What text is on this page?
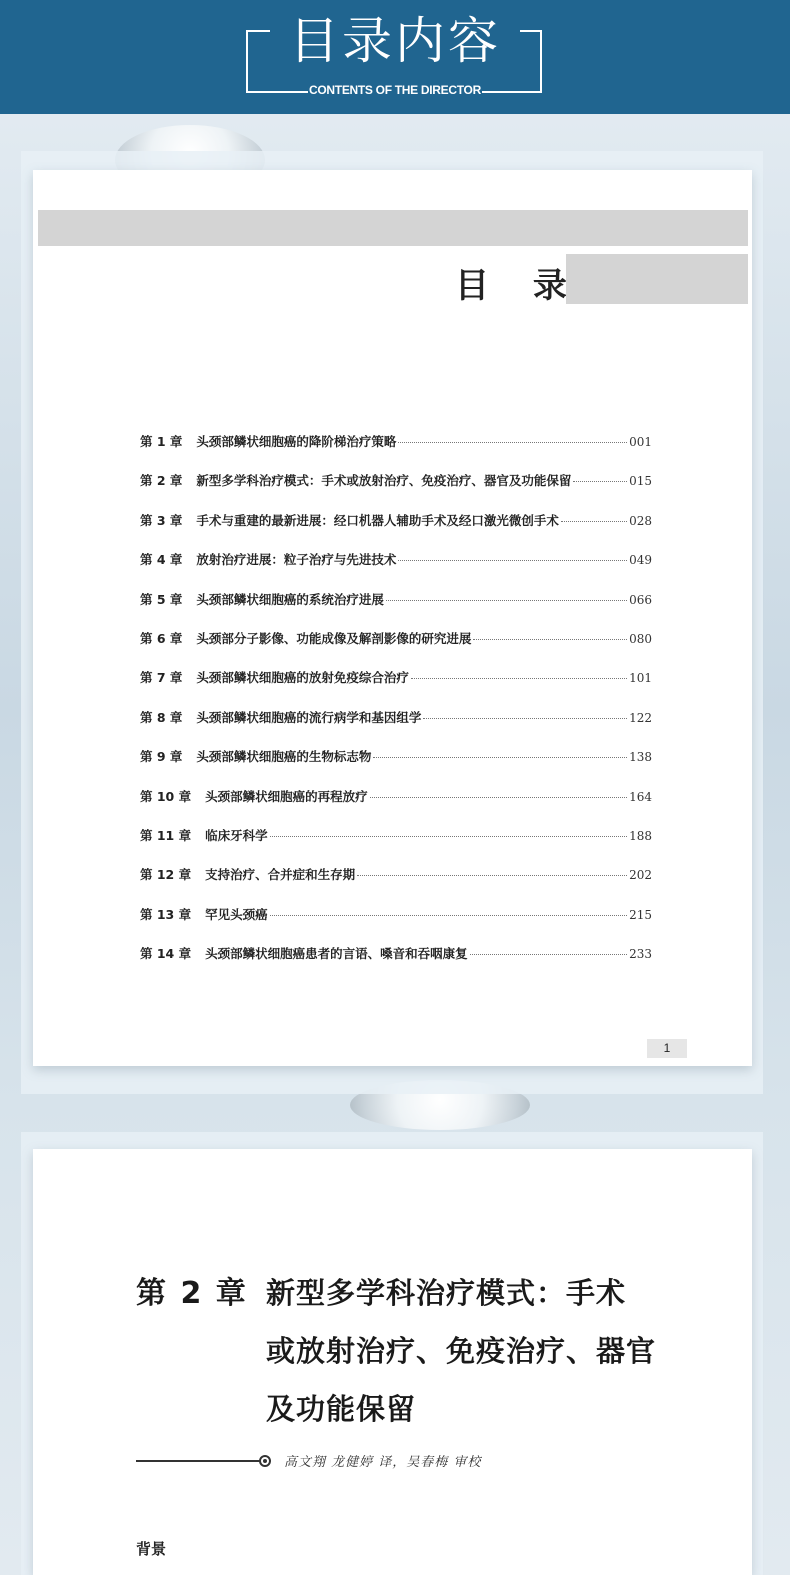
目录内容
CONTENTS OF THE DIRECTOR
目 录
第 1 章 头颈部鳞状细胞癌的降阶梯治疗策略	001
第 2 章 新型多学科治疗模式：手术或放射治疗、免疫治疗、器官及功能保留	015
第 3 章 手术与重建的最新进展：经口机器人辅助手术及经口激光微创手术	028
第 4 章 放射治疗进展：粒子治疗与先进技术	049
第 5 章 头颈部鳞状细胞癌的系统治疗进展	066
第 6 章 头颈部分子影像、功能成像及解剖影像的研究进展	080
第 7 章 头颈部鳞状细胞癌的放射免疫综合治疗	101
第 8 章 头颈部鳞状细胞癌的流行病学和基因组学	122
第 9 章 头颈部鳞状细胞癌的生物标志物	138
第 10 章 头颈部鳞状细胞癌的再程放疗	164
第 11 章 临床牙科学	188
第 12 章 支持治疗、合并症和生存期	202
第 13 章 罕见头颈癌	215
第 14 章 头颈部鳞状细胞癌患者的言语、嗓音和吞咽康复	233
1
第 2 章 新型多学科治疗模式：手术
或放射治疗、免疫治疗、器官
及功能保留
高文翔 龙健婷 译，吴春梅 审校
背景
